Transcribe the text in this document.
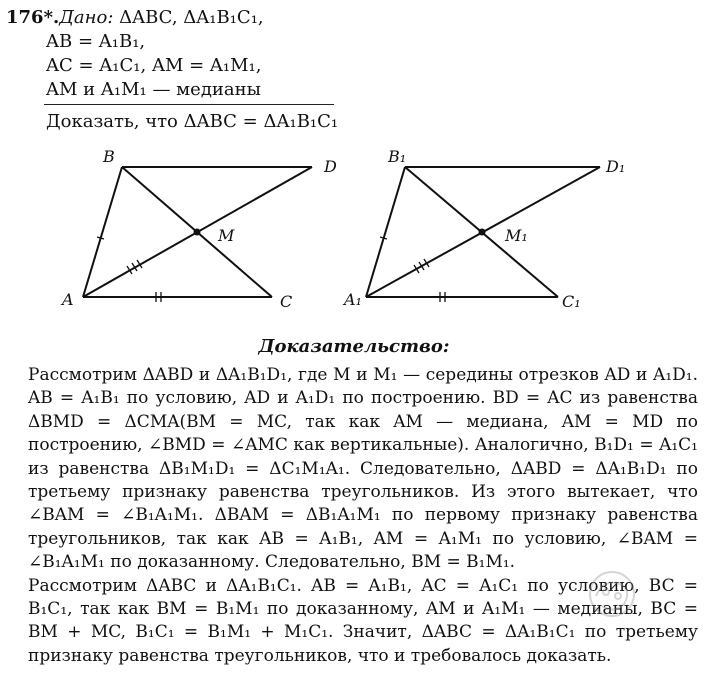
176*.Дано: ΔABC, ΔA₁B₁C₁,
AB = A₁B₁,
AC = A₁C₁, AM = A₁M₁,
AM и A₁M₁ — медианы
Доказать, что ΔABC = ΔA₁B₁C₁
B
D
M
A	C
B₁
D₁
M₁
A₁	C₁
Доказательство:

Рассмотрим ΔABD и ΔA₁B₁D₁, где M и M₁ — середины отрезков AD и A₁D₁. AB = A₁B₁ по условию, AD и A₁D₁ по построению. BD = AC из равенства ΔBMD = ΔCMA(BM = MC, так как AM — медиана, AM = MD по построению, ∠BMD = ∠AMC как вертикальные). Аналогично, B₁D₁ = A₁C₁ из равенства ΔB₁M₁D₁ = ΔC₁M₁A₁. Следовательно, ΔABD = ΔA₁B₁D₁ по третьему признаку равенства треугольников. Из этого вытекает, что ∠BAM = ∠B₁A₁M₁. ΔBAM = ΔB₁A₁M₁ по первому признаку равенства треугольников, так как AB = A₁B₁, AM = A₁M₁ по условию, ∠BAM = ∠B₁A₁M₁ по доказанному. Следовательно, BM = B₁M₁.

Рассмотрим ΔABC и ΔA₁B₁C₁. AB = A₁B₁, AC = A₁C₁ по условию, BC = B₁C₁, так как BM = B₁M₁ по доказанному, AM и A₁M₁ — медианы, BC = BM + MC, B₁C₁ = B₁M₁ + M₁C₁. Значит, ΔABC = ΔA₁B₁C₁ по третьему признаку равенства треугольников, что и требовалось доказать.
